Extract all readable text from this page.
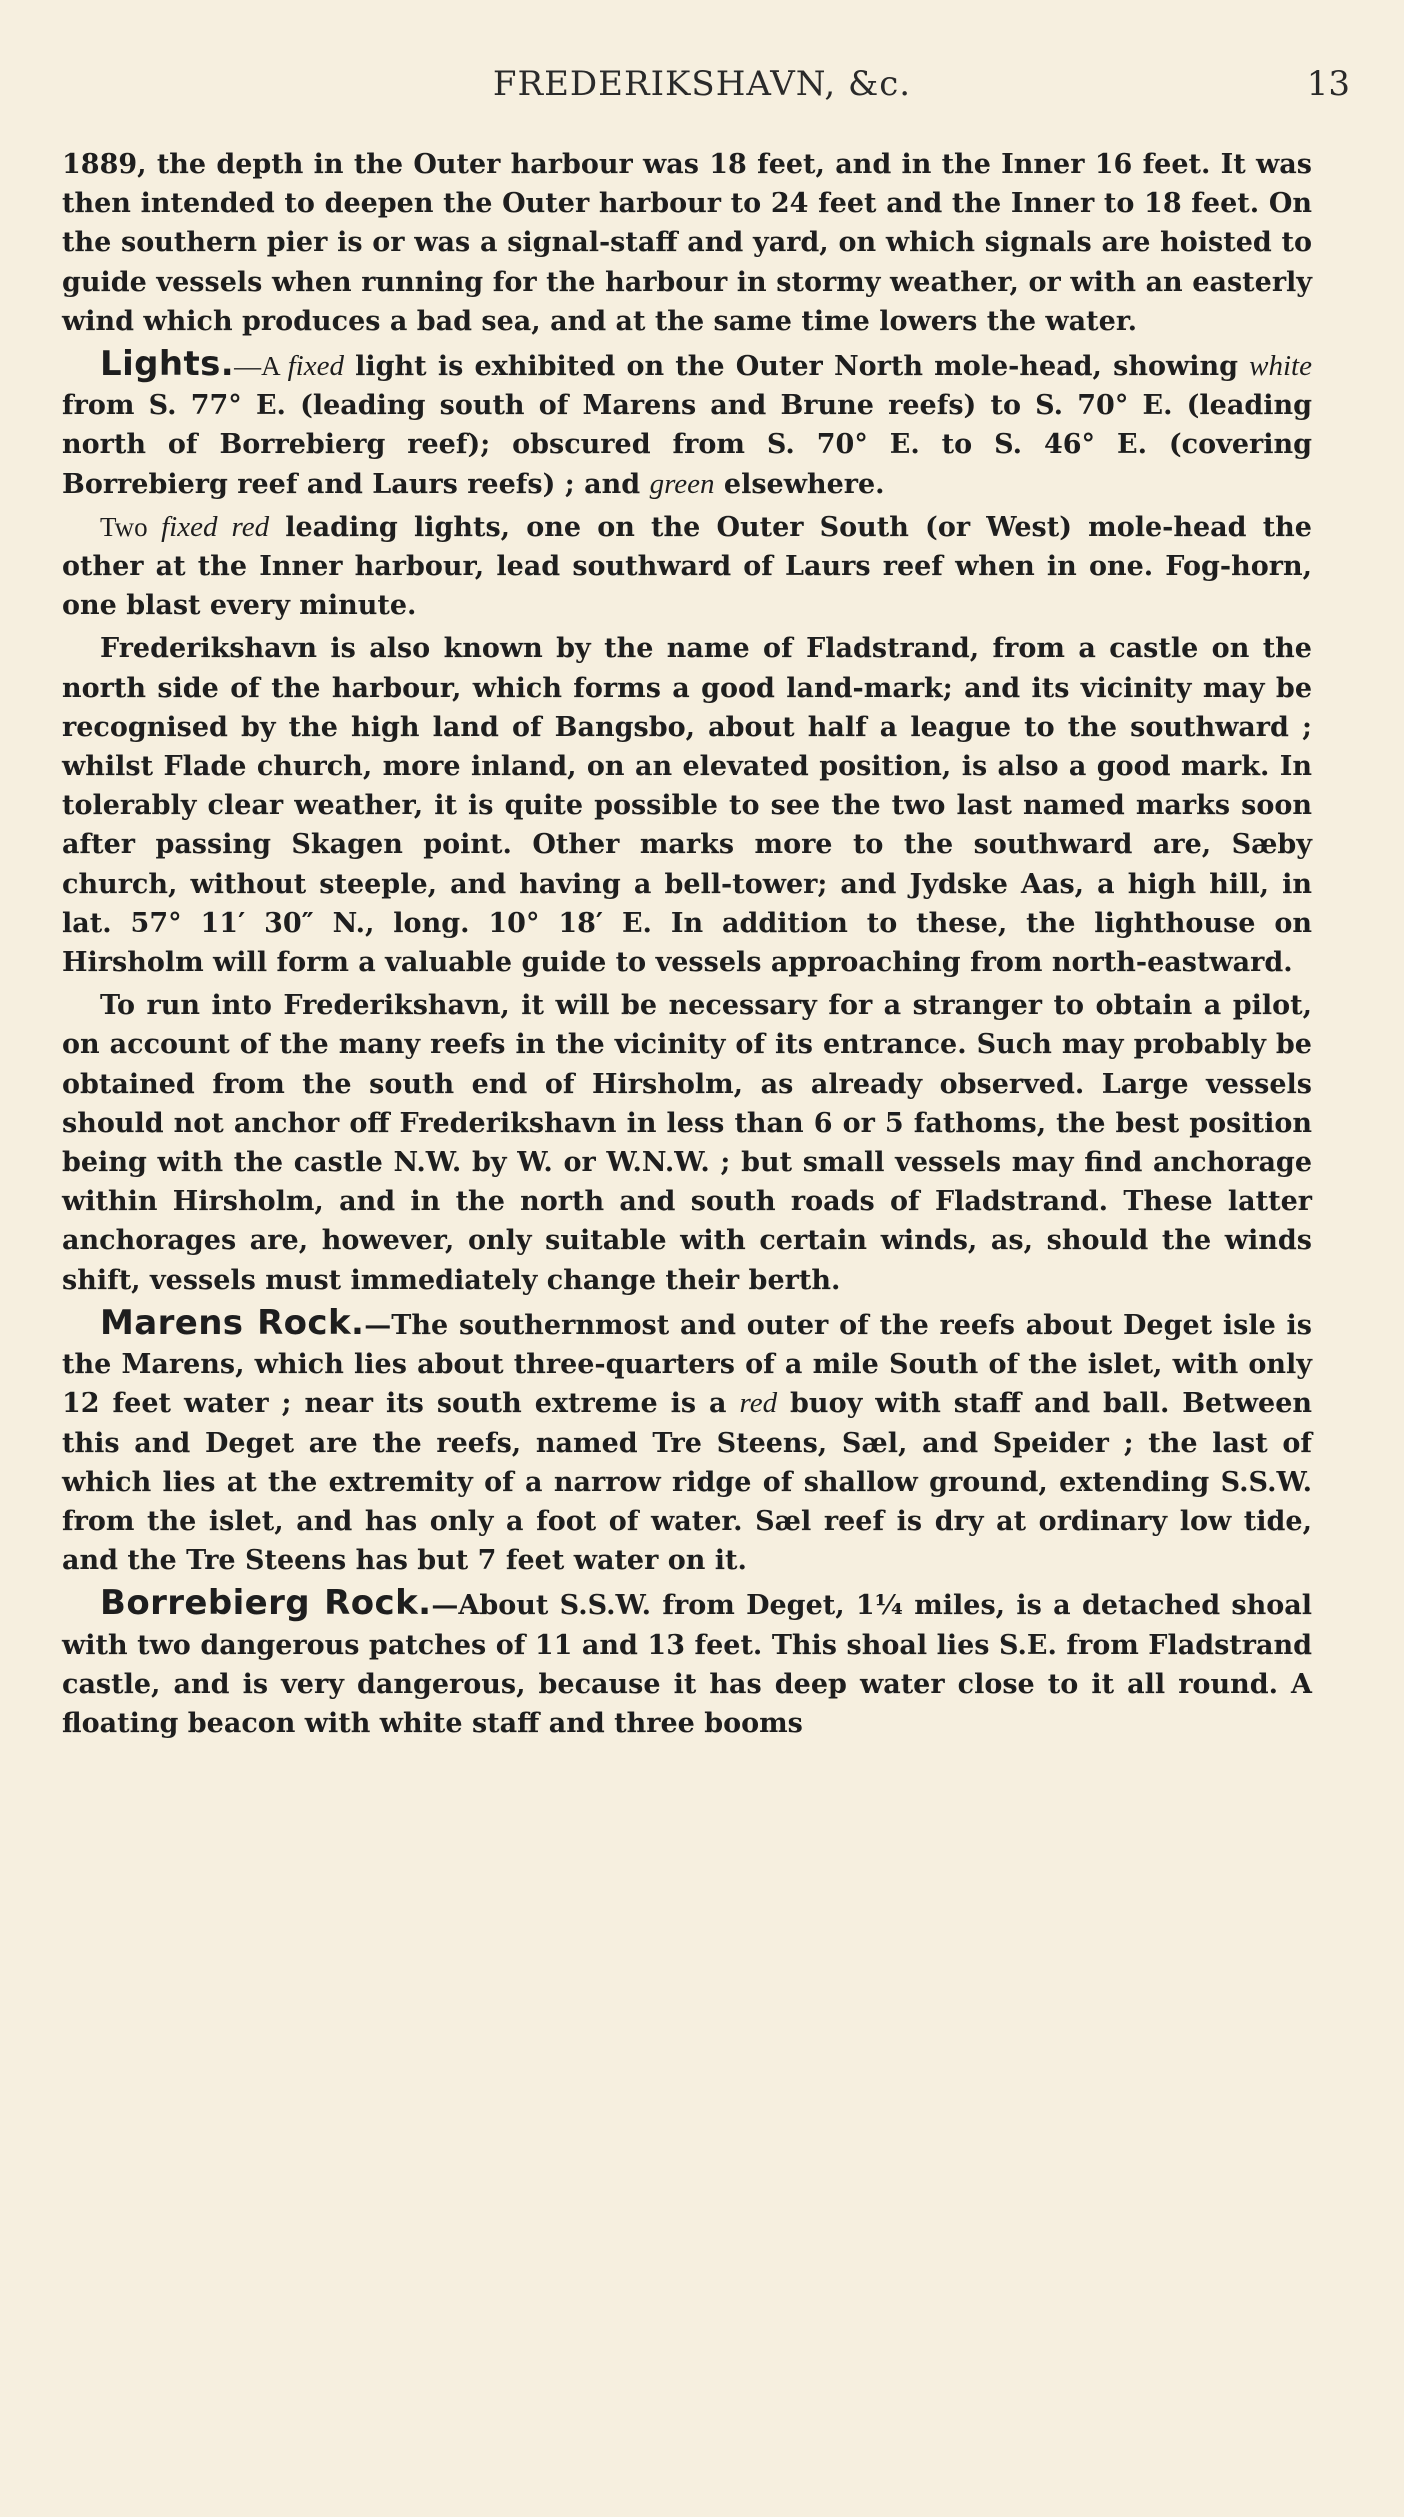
FREDERIKSHAVN, &c.	13

1889, the depth in the Outer harbour was 18 feet, and in the Inner 16 feet. It was then intended to deepen the Outer harbour to 24 feet and the Inner to 18 feet. On the southern pier is or was a signal-staff and yard, on which signals are hoisted to guide vessels when running for the harbour in stormy weather, or with an easterly wind which produces a bad sea, and at the same time lowers the water.

Lights.—A fixed light is exhibited on the Outer North mole-head, showing white from S. 77° E. (leading south of Marens and Brune reefs) to S. 70° E. (leading north of Borrebierg reef); obscured from S. 70° E. to S. 46° E. (covering Borrebierg reef and Laurs reefs) ; and green elsewhere.

Two fixed red leading lights, one on the Outer South (or West) mole-head the other at the Inner harbour, lead southward of Laurs reef when in one. Fog-horn, one blast every minute.

Frederikshavn is also known by the name of Fladstrand, from a castle on the north side of the harbour, which forms a good land-mark; and its vicinity may be recognised by the high land of Bangsbo, about half a league to the southward ; whilst Flade church, more inland, on an elevated position, is also a good mark. In tolerably clear weather, it is quite possible to see the two last named marks soon after passing Skagen point. Other marks more to the southward are, Sæby church, without steeple, and having a bell-tower; and Jydske Aas, a high hill, in lat. 57° 11′ 30″ N., long. 10° 18′ E. In addition to these, the lighthouse on Hirsholm will form a valuable guide to vessels approaching from north-eastward.

To run into Frederikshavn, it will be necessary for a stranger to obtain a pilot, on account of the many reefs in the vicinity of its entrance. Such may probably be obtained from the south end of Hirsholm, as already observed. Large vessels should not anchor off Frederikshavn in less than 6 or 5 fathoms, the best position being with the castle N.W. by W. or W.N.W. ; but small vessels may find anchorage within Hirsholm, and in the north and south roads of Fladstrand. These latter anchorages are, however, only suitable with certain winds, as, should the winds shift, vessels must immediately change their berth.

Marens Rock.—The southernmost and outer of the reefs about Deget isle is the Marens, which lies about three-quarters of a mile South of the islet, with only 12 feet water ; near its south extreme is a red buoy with staff and ball. Between this and Deget are the reefs, named Tre Steens, Sæl, and Speider ; the last of which lies at the extremity of a narrow ridge of shallow ground, extending S.S.W. from the islet, and has only a foot of water. Sæl reef is dry at ordinary low tide, and the Tre Steens has but 7 feet water on it.

Borrebierg Rock.—About S.S.W. from Deget, 1¼ miles, is a detached shoal with two dangerous patches of 11 and 13 feet. This shoal lies S.E. from Fladstrand castle, and is very dangerous, because it has deep water close to it all round. A floating beacon with white staff and three booms
